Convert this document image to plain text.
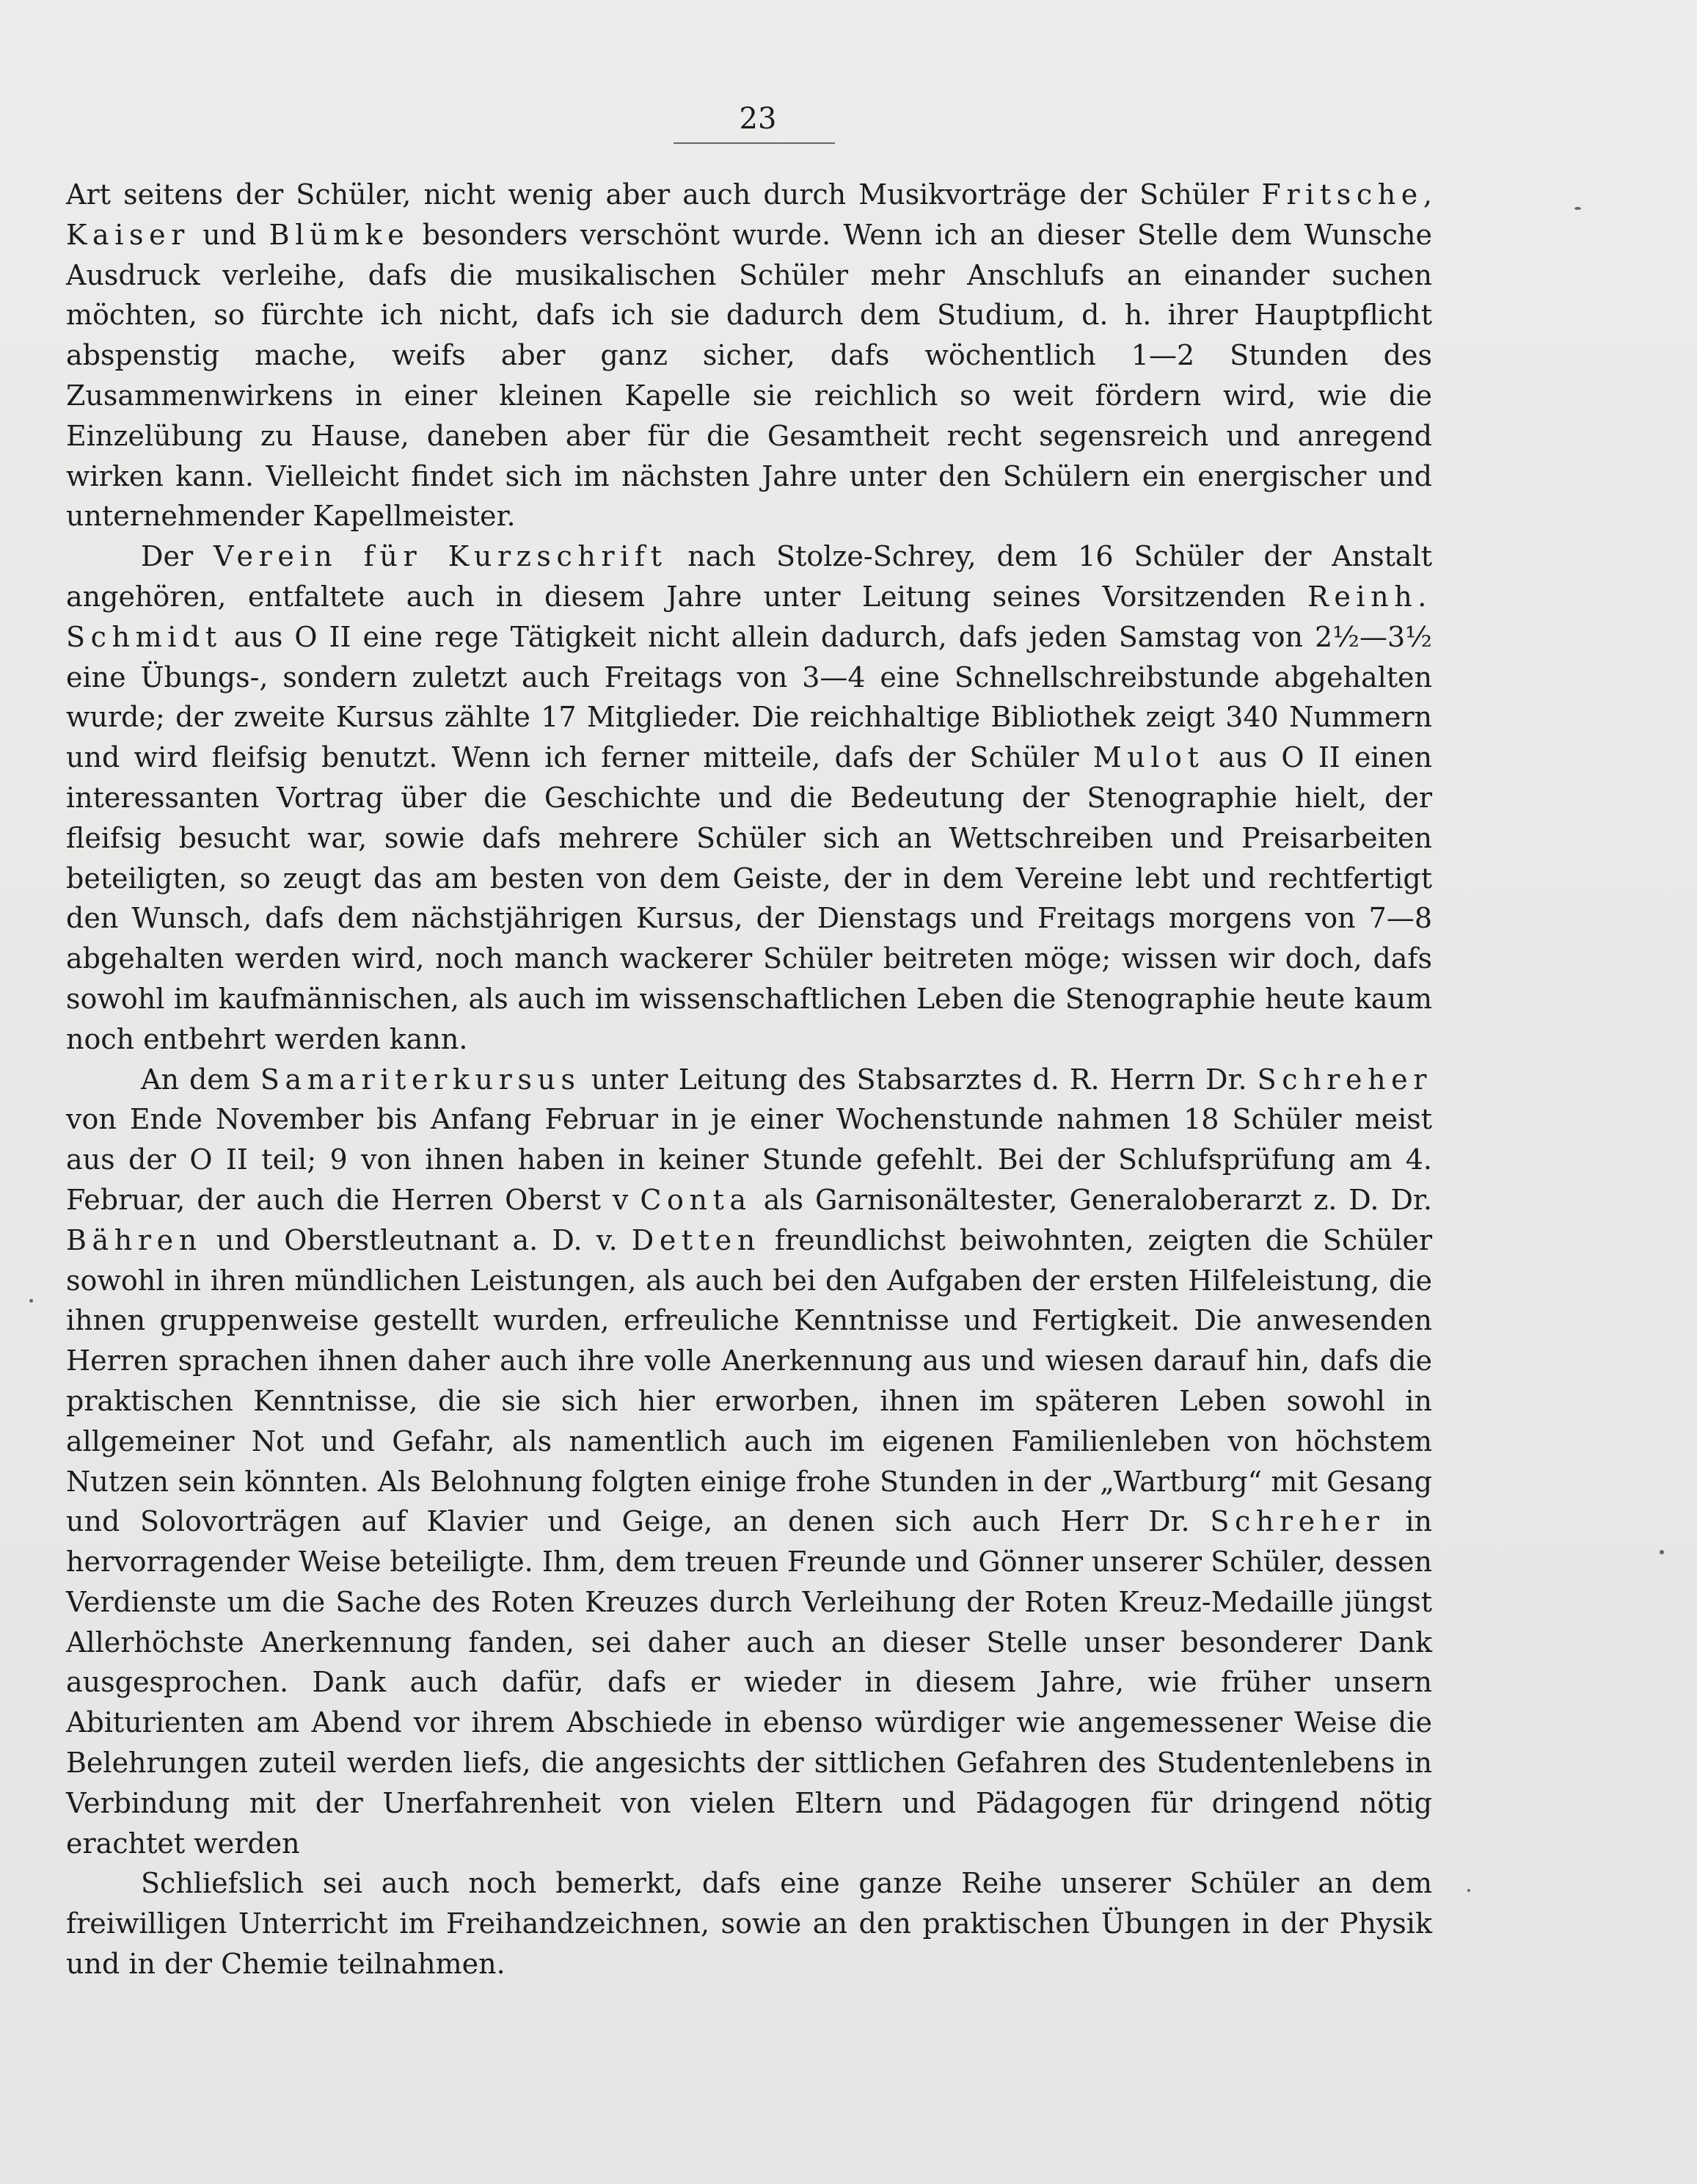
23

Art seitens der Schüler, nicht wenig aber auch durch Musikvorträge der Schüler Fritsche, Kaiser und Blümke besonders verschönt wurde. Wenn ich an dieser Stelle dem Wunsche Ausdruck verleihe, dafs die musikalischen Schüler mehr Anschlufs an einander suchen möchten, so fürchte ich nicht, dafs ich sie dadurch dem Studium, d. h. ihrer Hauptpflicht abspenstig mache, weifs aber ganz sicher, dafs wöchentlich 1—2 Stunden des Zusammenwirkens in einer kleinen Kapelle sie reichlich so weit fördern wird, wie die Einzelübung zu Hause, daneben aber für die Gesamtheit recht segensreich und anregend wirken kann. Vielleicht findet sich im nächsten Jahre unter den Schülern ein energischer und unternehmender Kapellmeister.

Der Verein für Kurzschrift nach Stolze-Schrey, dem 16 Schüler der Anstalt angehören, entfaltete auch in diesem Jahre unter Leitung seines Vorsitzenden Reinh. Schmidt aus O II eine rege Tätigkeit nicht allein dadurch, dafs jeden Samstag von 2½—3½ eine Übungs-, sondern zuletzt auch Freitags von 3—4 eine Schnellschreibstunde abgehalten wurde; der zweite Kursus zählte 17 Mitglieder. Die reichhaltige Bibliothek zeigt 340 Nummern und wird fleifsig benutzt. Wenn ich ferner mitteile, dafs der Schüler Mulot aus O II einen interessanten Vortrag über die Geschichte und die Bedeutung der Stenographie hielt, der fleifsig besucht war, sowie dafs mehrere Schüler sich an Wettschreiben und Preisarbeiten beteiligten, so zeugt das am besten von dem Geiste, der in dem Vereine lebt und rechtfertigt den Wunsch, dafs dem nächstjährigen Kursus, der Dienstags und Freitags morgens von 7—8 abgehalten werden wird, noch manch wackerer Schüler beitreten möge; wissen wir doch, dafs sowohl im kaufmännischen, als auch im wissenschaftlichen Leben die Stenographie heute kaum noch entbehrt werden kann.

An dem Samariterkursus unter Leitung des Stabsarztes d. R. Herrn Dr. Schreher von Ende November bis Anfang Februar in je einer Wochenstunde nahmen 18 Schüler meist aus der O II teil; 9 von ihnen haben in keiner Stunde gefehlt. Bei der Schlufsprüfung am 4. Februar, der auch die Herren Oberst v Conta als Garnisonältester, Generaloberarzt z. D. Dr. Bähren und Oberstleutnant a. D. v. Detten freundlichst beiwohnten, zeigten die Schüler sowohl in ihren mündlichen Leistungen, als auch bei den Aufgaben der ersten Hilfeleistung, die ihnen gruppenweise gestellt wurden, erfreuliche Kenntnisse und Fertigkeit. Die anwesenden Herren sprachen ihnen daher auch ihre volle Anerkennung aus und wiesen darauf hin, dafs die praktischen Kenntnisse, die sie sich hier erworben, ihnen im späteren Leben sowohl in allgemeiner Not und Gefahr, als namentlich auch im eigenen Familienleben von höchstem Nutzen sein könnten. Als Belohnung folgten einige frohe Stunden in der „Wartburg“ mit Gesang und Solovorträgen auf Klavier und Geige, an denen sich auch Herr Dr. Schreher in hervorragender Weise beteiligte. Ihm, dem treuen Freunde und Gönner unserer Schüler, dessen Verdienste um die Sache des Roten Kreuzes durch Verleihung der Roten Kreuz-Medaille jüngst Allerhöchste Anerkennung fanden, sei daher auch an dieser Stelle unser besonderer Dank ausgesprochen. Dank auch dafür, dafs er wieder in diesem Jahre, wie früher unsern Abiturienten am Abend vor ihrem Abschiede in ebenso würdiger wie angemessener Weise die Belehrungen zuteil werden liefs, die angesichts der sittlichen Gefahren des Studentenlebens in Verbindung mit der Unerfahrenheit von vielen Eltern und Pädagogen für dringend nötig erachtet werden

Schliefslich sei auch noch bemerkt, dafs eine ganze Reihe unserer Schüler an dem freiwilligen Unterricht im Freihandzeichnen, sowie an den praktischen Übungen in der Physik und in der Chemie teilnahmen.
